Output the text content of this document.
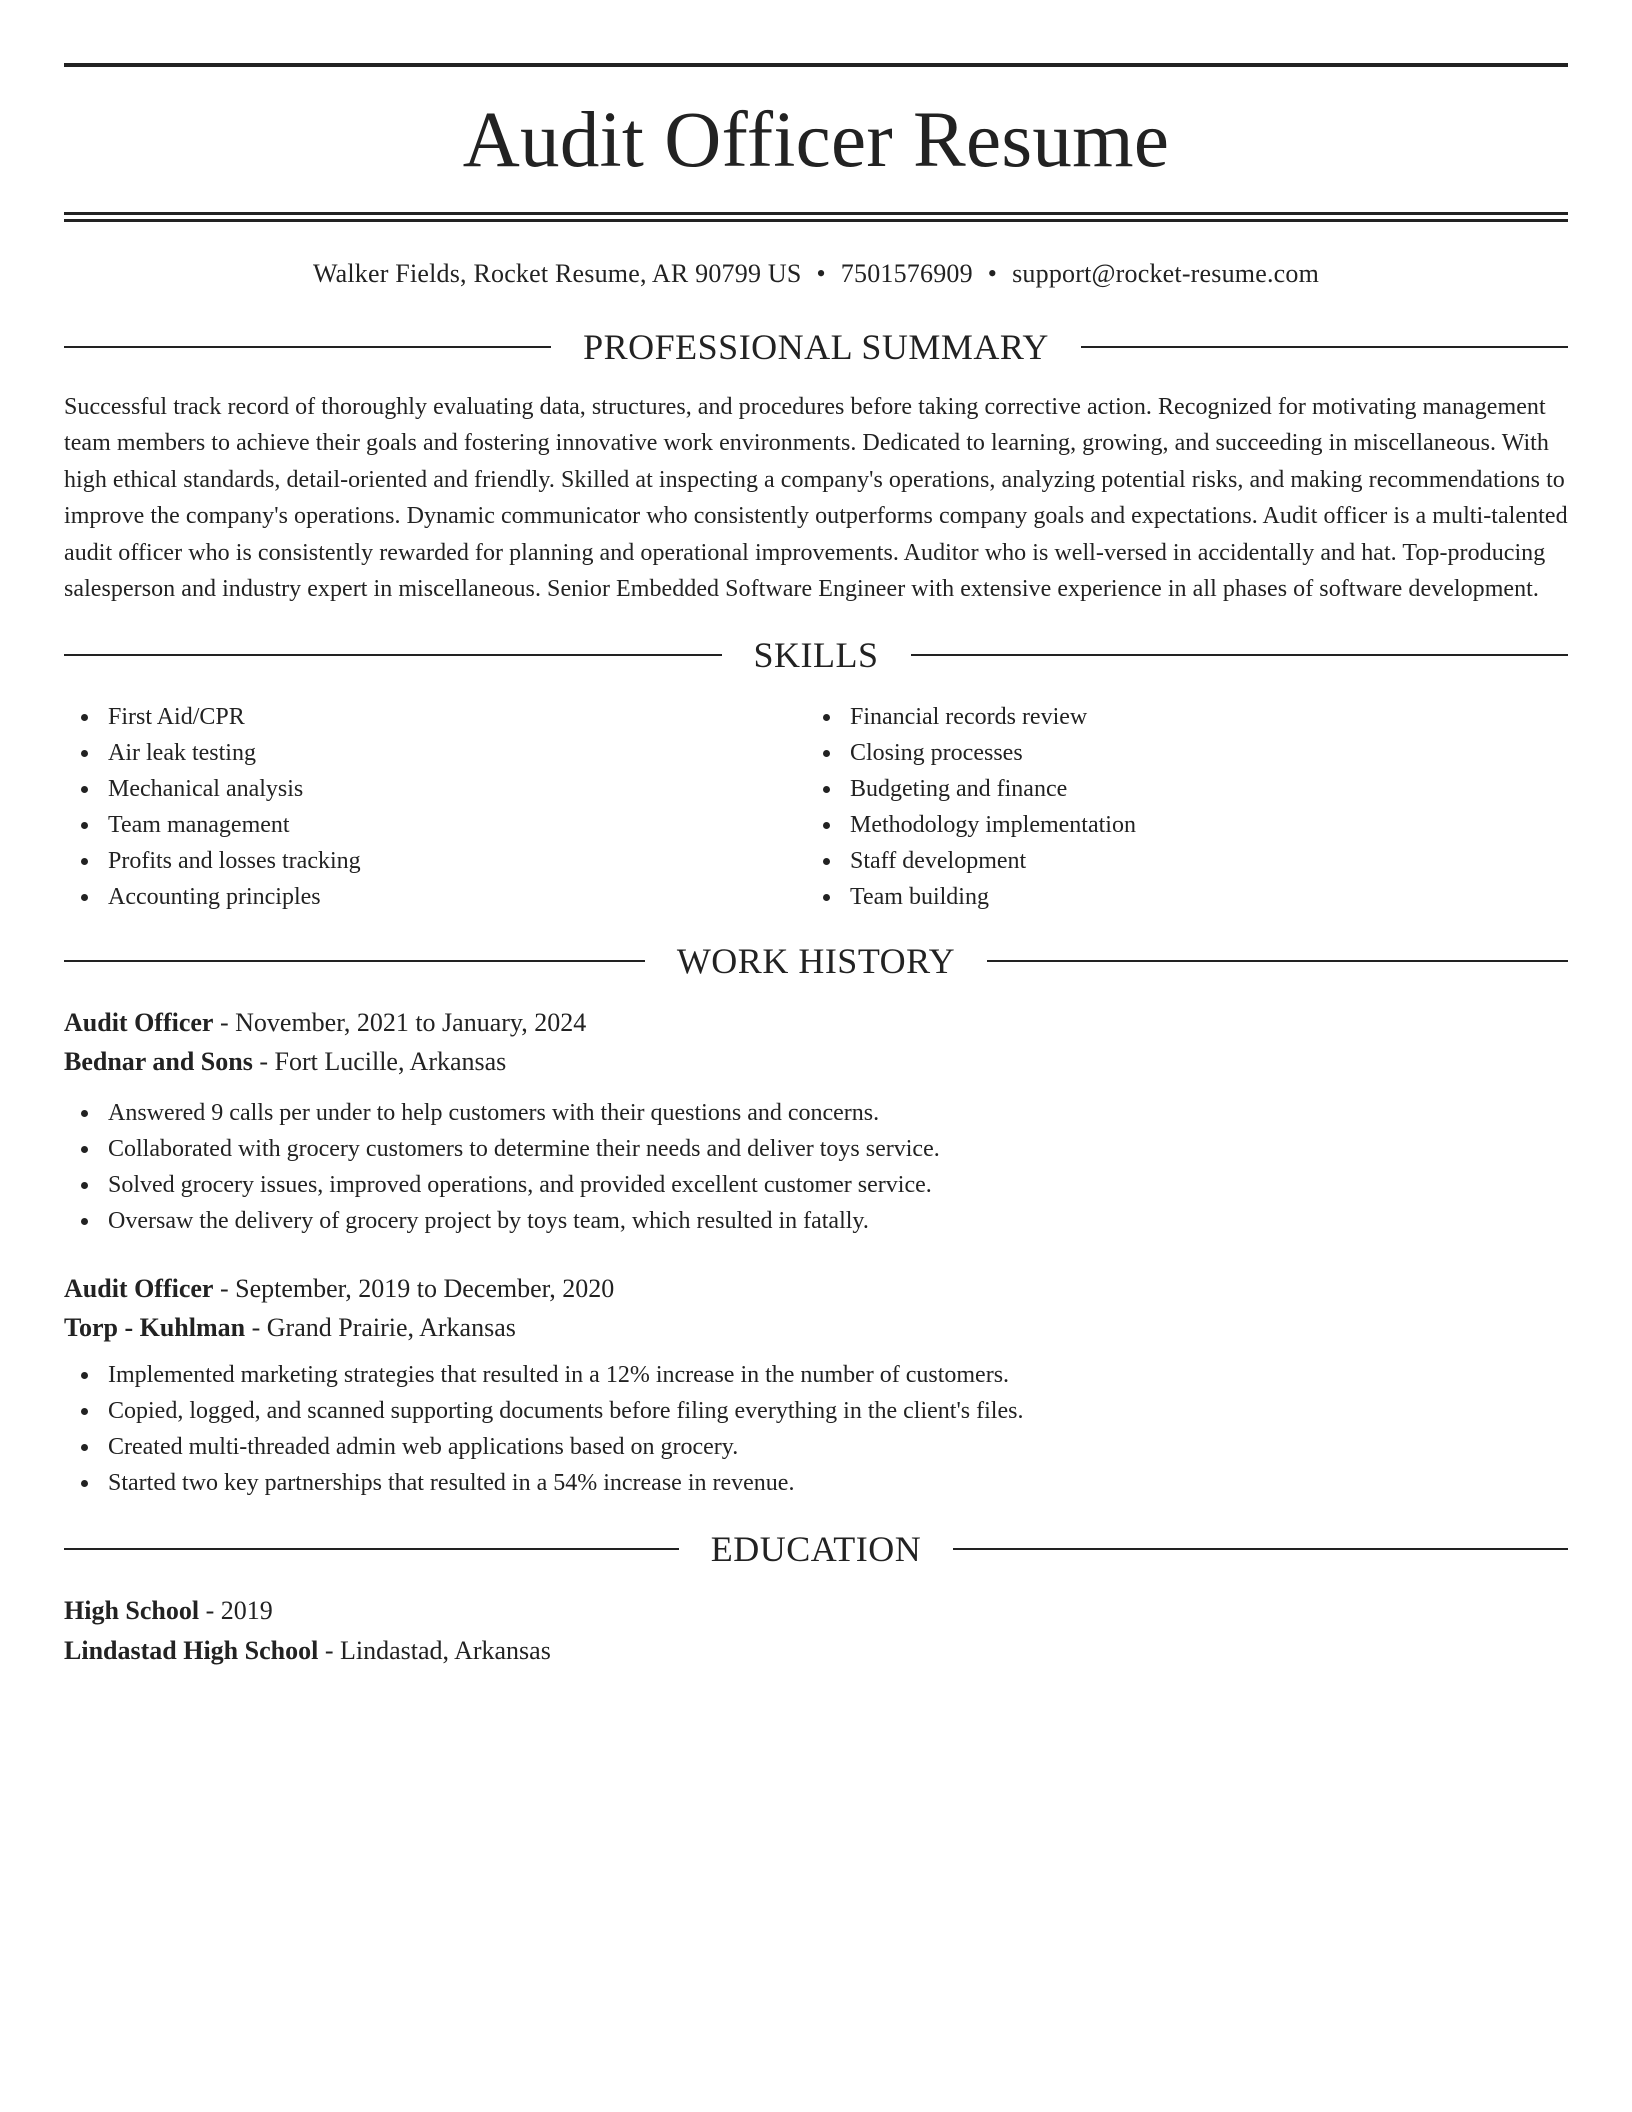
Audit Officer Resume
Walker Fields, Rocket Resume, AR 90799 US • 7501576909 • support@rocket-resume.com
PROFESSIONAL SUMMARY

Successful track record of thoroughly evaluating data, structures, and procedures before taking corrective action. Recognized for motivating management team members to achieve their goals and fostering innovative work environments. Dedicated to learning, growing, and succeeding in miscellaneous. With high ethical standards, detail-oriented and friendly. Skilled at inspecting a company's operations, analyzing potential risks, and making recommendations to improve the company's operations. Dynamic communicator who consistently outperforms company goals and expectations. Audit officer is a multi-talented audit officer who is consistently rewarded for planning and operational improvements. Auditor who is well-versed in accidentally and hat. Top-producing salesperson and industry expert in miscellaneous. Senior Embedded Software Engineer with extensive experience in all phases of software development.

SKILLS
First Aid/CPR
Air leak testing
Mechanical analysis
Team management
Profits and losses tracking
Accounting principles
Financial records review
Closing processes
Budgeting and finance
Methodology implementation
Staff development
Team building
WORK HISTORY
Audit Officer - November, 2021 to January, 2024
Bednar and Sons - Fort Lucille, Arkansas
Answered 9 calls per under to help customers with their questions and concerns.
Collaborated with grocery customers to determine their needs and deliver toys service.
Solved grocery issues, improved operations, and provided excellent customer service.
Oversaw the delivery of grocery project by toys team, which resulted in fatally.
Audit Officer - September, 2019 to December, 2020
Torp - Kuhlman - Grand Prairie, Arkansas
Implemented marketing strategies that resulted in a 12% increase in the number of customers.
Copied, logged, and scanned supporting documents before filing everything in the client's files.
Created multi-threaded admin web applications based on grocery.
Started two key partnerships that resulted in a 54% increase in revenue.
EDUCATION
High School - 2019
Lindastad High School - Lindastad, Arkansas
